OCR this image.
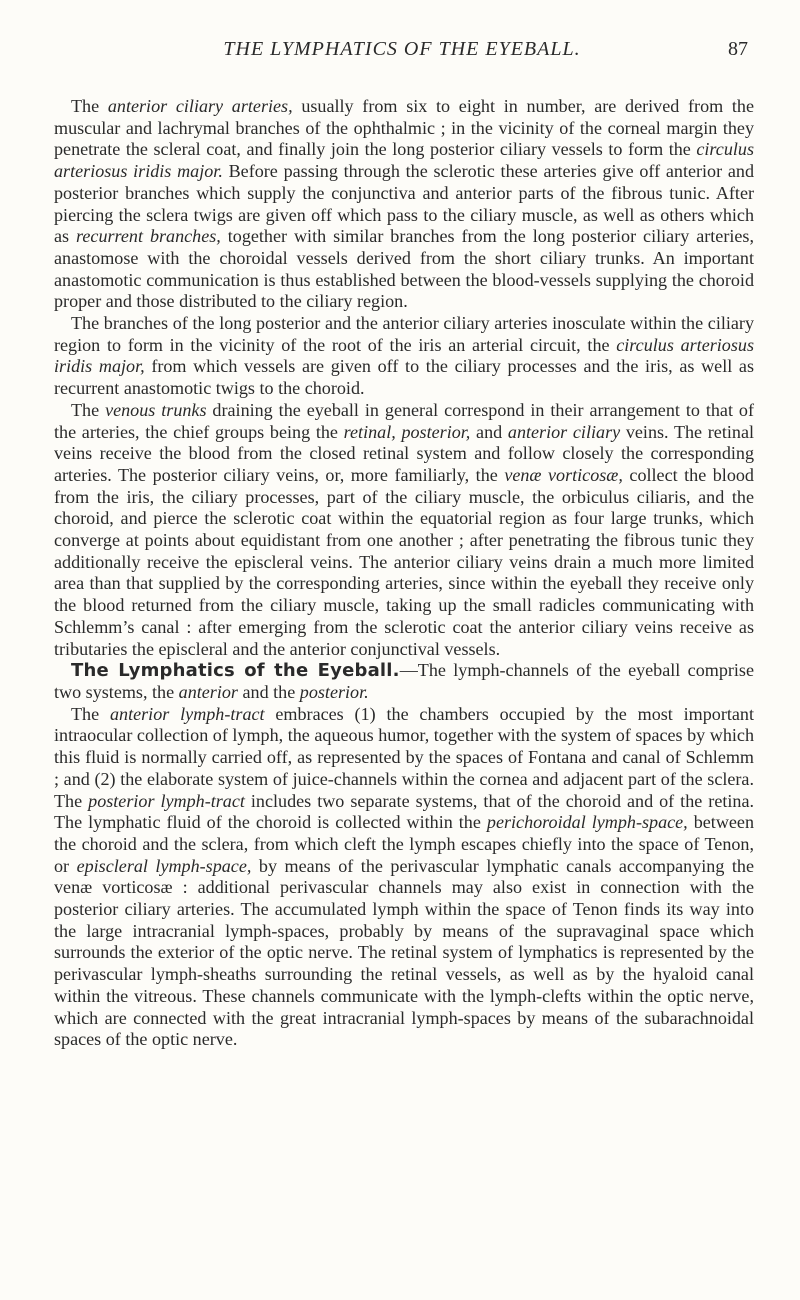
THE LYMPHATICS OF THE EYEBALL.	87

The anterior ciliary arteries, usually from six to eight in number, are derived from the muscular and lachrymal branches of the ophthalmic ; in the vicinity of the corneal margin they penetrate the scleral coat, and finally join the long posterior ciliary vessels to form the circulus arteriosus iridis major. Before passing through the sclerotic these arteries give off anterior and posterior branches which supply the conjunctiva and anterior parts of the fibrous tunic. After piercing the sclera twigs are given off which pass to the ciliary muscle, as well as others which as recurrent branches, together with similar branches from the long posterior ciliary arteries, anastomose with the choroidal vessels derived from the short ciliary trunks. An important anastomotic communication is thus established between the blood-vessels supplying the choroid proper and those distributed to the ciliary region.

The branches of the long posterior and the anterior ciliary arteries inosculate within the ciliary region to form in the vicinity of the root of the iris an arterial circuit, the circulus arteriosus iridis major, from which vessels are given off to the ciliary processes and the iris, as well as recurrent anastomotic twigs to the choroid.

The venous trunks draining the eyeball in general correspond in their arrangement to that of the arteries, the chief groups being the retinal, posterior, and anterior ciliary veins. The retinal veins receive the blood from the closed retinal system and follow closely the corresponding arteries. The posterior ciliary veins, or, more familiarly, the venæ vorticosæ, collect the blood from the iris, the ciliary processes, part of the ciliary muscle, the orbiculus ciliaris, and the choroid, and pierce the sclerotic coat within the equatorial region as four large trunks, which converge at points about equidistant from one another ; after penetrating the fibrous tunic they additionally receive the episcleral veins. The anterior ciliary veins drain a much more limited area than that supplied by the corresponding arteries, since within the eyeball they receive only the blood returned from the ciliary muscle, taking up the small radicles communicating with Schlemm’s canal : after emerging from the sclerotic coat the anterior ciliary veins receive as tributaries the episcleral and the anterior conjunctival vessels.

The Lymphatics of the Eyeball.—The lymph-channels of the eyeball comprise two systems, the anterior and the posterior.

The anterior lymph-tract embraces (1) the chambers occupied by the most important intraocular collection of lymph, the aqueous humor, together with the system of spaces by which this fluid is normally carried off, as represented by the spaces of Fontana and canal of Schlemm ; and (2) the elaborate system of juice-channels within the cornea and adjacent part of the sclera. The posterior lymph-tract includes two separate systems, that of the choroid and of the retina. The lymphatic fluid of the choroid is collected within the perichoroidal lymph-space, between the choroid and the sclera, from which cleft the lymph escapes chiefly into the space of Tenon, or episcleral lymph-space, by means of the perivascular lymphatic canals accompanying the venæ vorticosæ : additional perivascular channels may also exist in connection with the posterior ciliary arteries. The accumulated lymph within the space of Tenon finds its way into the large intracranial lymph-spaces, probably by means of the supravaginal space which surrounds the exterior of the optic nerve. The retinal system of lymphatics is represented by the perivascular lymph-sheaths surrounding the retinal vessels, as well as by the hyaloid canal within the vitreous. These channels communicate with the lymph-clefts within the optic nerve, which are connected with the great intracranial lymph-spaces by means of the subarachnoidal spaces of the optic nerve.
